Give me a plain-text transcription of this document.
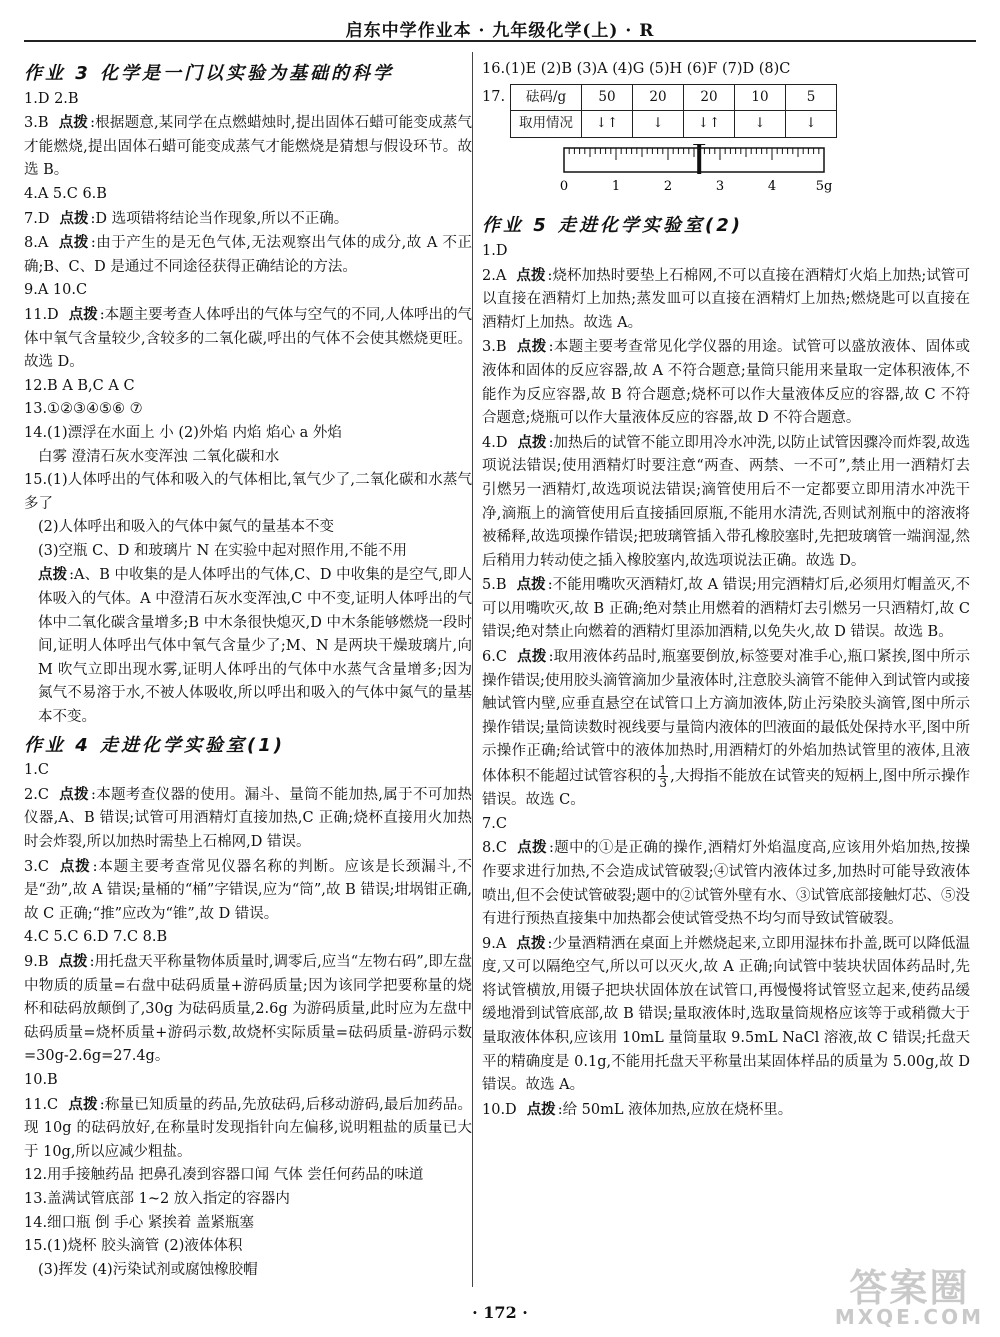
启东中学作业本 · 九年级化学(上) · R
作业 3 化学是一门以实验为基础的科学

1.D 2.B

3.B 点拨 :根据题意,某同学在点燃蜡烛时,提出固体石蜡可能变成蒸气才能燃烧,提出固体石蜡可能变成蒸气才能燃烧是猜想与假设环节。故选 B。

4.A 5.C 6.B

7.D 点拨 :D 选项错将结论当作现象,所以不正确。

8.A 点拨 :由于产生的是无色气体,无法观察出气体的成分,故 A 不正确;B、C、D 是通过不同途径获得正确结论的方法。

9.A 10.C

11.D 点拨 :本题主要考查人体呼出的气体与空气的不同,人体呼出的气体中氧气含量较少,含较多的二氧化碳,呼出的气体不会使其燃烧更旺。故选 D。

12.B A B,C A C

13.①②③④⑤⑥ ⑦

14.(1)漂浮在水面上 小 (2)外焰 内焰 焰心 a 外焰

白雾 澄清石灰水变浑浊 二氧化碳和水

15.(1)人体呼出的气体和吸入的气体相比,氧气少了,二氧化碳和水蒸气多了

(2)人体呼出和吸入的气体中氮气的量基本不变

(3)空瓶 C、D 和玻璃片 N 在实验中起对照作用,不能不用

点拨 :A、B 中收集的是人体呼出的气体,C、D 中收集的是空气,即人体吸入的气体。A 中澄清石灰水变浑浊,C 中不变,证明人体呼出的气体中二氧化碳含量增多;B 中木条很快熄灭,D 中木条能够燃烧一段时间,证明人体呼出气体中氧气含量少了;M、N 是两块干燥玻璃片,向 M 吹气立即出现水雾,证明人体呼出的气体中水蒸气含量增多;因为氮气不易溶于水,不被人体吸收,所以呼出和吸入的气体中氮气的量基本不变。

作业 4 走进化学实验室(1)

1.C

2.C 点拨 :本题考查仪器的使用。漏斗、量筒不能加热,属于不可加热仪器,A、B 错误;试管可用酒精灯直接加热,C 正确;烧杯直接用火加热时会炸裂,所以加热时需垫上石棉网,D 错误。

3.C 点拨 :本题主要考查常见仪器名称的判断。应该是长颈漏斗,不是“劲”,故 A 错误;量桶的“桶”字错误,应为“筒”,故 B 错误;坩埚钳正确,故 C 正确;“推”应改为“锥”,故 D 错误。

4.C 5.C 6.D 7.C 8.B

9.B 点拨 :用托盘天平称量物体质量时,调零后,应当“左物右码”,即左盘中物质的质量=右盘中砝码质量+游码质量;因为该同学把要称量的烧杯和砝码放颠倒了,30g 为砝码质量,2.6g 为游码质量,此时应为左盘中砝码质量=烧杯质量+游码示数,故烧杯实际质量=砝码质量-游码示数=30g-2.6g=27.4g。

10.B

11.C 点拨 :称量已知质量的药品,先放砝码,后移动游码,最后加药品。现 10g 的砝码放好,在称量时发现指针向左偏移,说明粗盐的质量已大于 10g,所以应减少粗盐。

12.用手接触药品 把鼻孔凑到容器口闻 气体 尝任何药品的味道

13.盖满试管底部 1~2 放入指定的容器内

14.细口瓶 倒 手心 紧挨着 盖紧瓶塞

15.(1)烧杯 胶头滴管 (2)液体体积

(3)挥发 (4)污染试剂或腐蚀橡胶帽

16.(1)E (2)B (3)A (4)G (5)H (6)F (7)D (8)C

17. 砝码/g	50	20	20	10	5
取用情况	↓↑	↓	↓↑	↓	↓
0	1	2	3	4	5g
作业 5 走进化学实验室(2)

1.D

2.A 点拨 :烧杯加热时要垫上石棉网,不可以直接在酒精灯火焰上加热;试管可以直接在酒精灯上加热;蒸发皿可以直接在酒精灯上加热;燃烧匙可以直接在酒精灯上加热。故选 A。

3.B 点拨 :本题主要考查常见化学仪器的用途。试管可以盛放液体、固体或液体和固体的反应容器,故 A 不符合题意;量筒只能用来量取一定体积液体,不能作为反应容器,故 B 符合题意;烧杯可以作大量液体反应的容器,故 C 不符合题意;烧瓶可以作大量液体反应的容器,故 D 不符合题意。

4.D 点拨 :加热后的试管不能立即用冷水冲洗,以防止试管因骤冷而炸裂,故选项说法错误;使用酒精灯时要注意“两查、两禁、一不可”,禁止用一酒精灯去引燃另一酒精灯,故选项说法错误;滴管使用后不一定都要立即用清水冲洗干净,滴瓶上的滴管使用后直接插回原瓶,不能用水清洗,否则试剂瓶中的溶液将被稀释,故选项操作错误;把玻璃管插入带孔橡胶塞时,先把玻璃管一端润湿,然后稍用力转动使之插入橡胶塞内,故选项说法正确。故选 D。

5.B 点拨 :不能用嘴吹灭酒精灯,故 A 错误;用完酒精灯后,必须用灯帽盖灭,不可以用嘴吹灭,故 B 正确;绝对禁止用燃着的酒精灯去引燃另一只酒精灯,故 C 错误;绝对禁止向燃着的酒精灯里添加酒精,以免失火,故 D 错误。故选 B。

6.C 点拨 :取用液体药品时,瓶塞要倒放,标签要对准手心,瓶口紧挨,图中所示操作错误;使用胶头滴管滴加少量液体时,注意胶头滴管不能伸入到试管内或接触试管内壁,应垂直悬空在试管口上方滴加液体,防止污染胶头滴管,图中所示操作错误;量筒读数时视线要与量筒内液体的凹液面的最低处保持水平,图中所示操作正确;给试管中的液体加热时,用酒精灯的外焰加热试管里的液体,且液体体积不能超过试管容积的 $\frac{1}{3}$ ,大拇指不能放在试管夹的短柄上,图中所示操作错误。故选 C。

7.C

8.C 点拨 :题中的①是正确的操作,酒精灯外焰温度高,应该用外焰加热,按操作要求进行加热,不会造成试管破裂;④试管内液体过多,加热时可能导致液体喷出,但不会使试管破裂;题中的②试管外壁有水、③试管底部接触灯芯、⑤没有进行预热直接集中加热都会使试管受热不均匀而导致试管破裂。

9.A 点拨 :少量酒精洒在桌面上并燃烧起来,立即用湿抹布扑盖,既可以降低温度,又可以隔绝空气,所以可以灭火,故 A 正确;向试管中装块状固体药品时,先将试管横放,用镊子把块状固体放在试管口,再慢慢将试管竖立起来,使药品缓缓地滑到试管底部,故 B 错误;量取液体时,选取量筒规格应该等于或稍微大于量取液体体积,应该用 10mL 量筒量取 9.5mL NaCl 溶液,故 C 错误;托盘天平的精确度是 0.1g,不能用托盘天平称量出某固体样品的质量为 5.00g,故 D 错误。故选 A。

10.D 点拨 :给 50mL 液体加热,应放在烧杯里。

· 172 ·
答案圈
MXQE.COM
